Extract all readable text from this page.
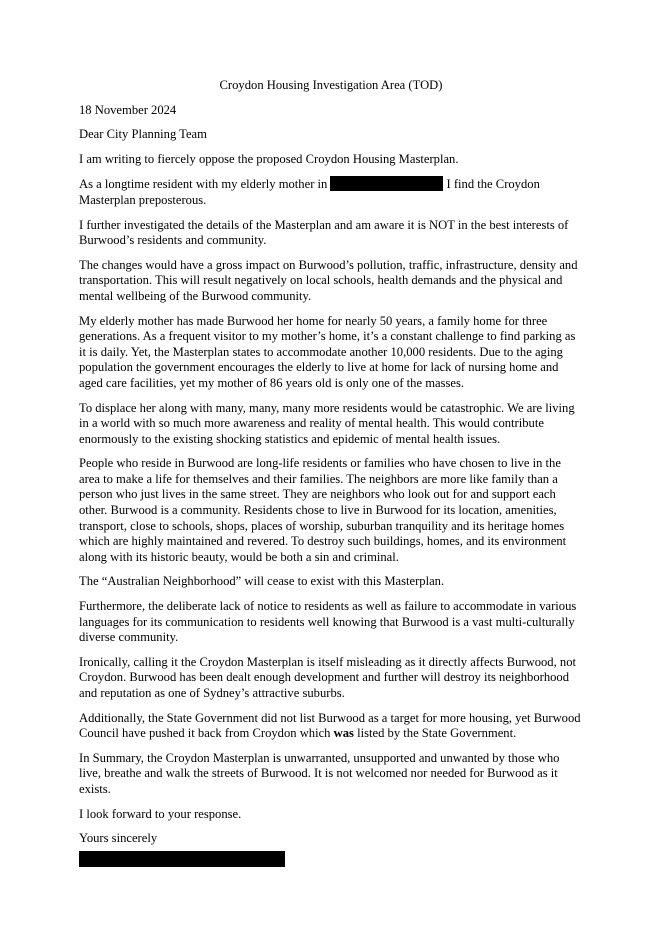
Croydon Housing Investigation Area (TOD)

18 November 2024

Dear City Planning Team

I am writing to fiercely oppose the proposed Croydon Housing Masterplan.

As a longtime resident with my elderly mother in	I find the Croydon Masterplan preposterous.

I further investigated the details of the Masterplan and am aware it is NOT in the best interests of Burwood’s residents and community.

The changes would have a gross impact on Burwood’s pollution, traffic, infrastructure, density and transportation. This will result negatively on local schools, health demands and the physical and mental wellbeing of the Burwood community.

My elderly mother has made Burwood her home for nearly 50 years, a family home for three generations. As a frequent visitor to my mother’s home, it’s a constant challenge to find parking as it is daily. Yet, the Masterplan states to accommodate another 10,000 residents. Due to the aging population the government encourages the elderly to live at home for lack of nursing home and aged care facilities, yet my mother of 86 years old is only one of the masses.

To displace her along with many, many, many more residents would be catastrophic. We are living in a world with so much more awareness and reality of mental health. This would contribute enormously to the existing shocking statistics and epidemic of mental health issues.

People who reside in Burwood are long-life residents or families who have chosen to live in the area to make a life for themselves and their families. The neighbors are more like family than a person who just lives in the same street. They are neighbors who look out for and support each other. Burwood is a community. Residents chose to live in Burwood for its location, amenities, transport, close to schools, shops, places of worship, suburban tranquility and its heritage homes which are highly maintained and revered. To destroy such buildings, homes, and its environment along with its historic beauty, would be both a sin and criminal.

The “Australian Neighborhood” will cease to exist with this Masterplan.

Furthermore, the deliberate lack of notice to residents as well as failure to accommodate in various languages for its communication to residents well knowing that Burwood is a vast multi-culturally diverse community.

Ironically, calling it the Croydon Masterplan is itself misleading as it directly affects Burwood, not Croydon. Burwood has been dealt enough development and further will destroy its neighborhood and reputation as one of Sydney’s attractive suburbs.

Additionally, the State Government did not list Burwood as a target for more housing, yet Burwood Council have pushed it back from Croydon which was listed by the State Government.

In Summary, the Croydon Masterplan is unwarranted, unsupported and unwanted by those who live, breathe and walk the streets of Burwood. It is not welcomed nor needed for Burwood as it exists.

I look forward to your response.

Yours sincerely
